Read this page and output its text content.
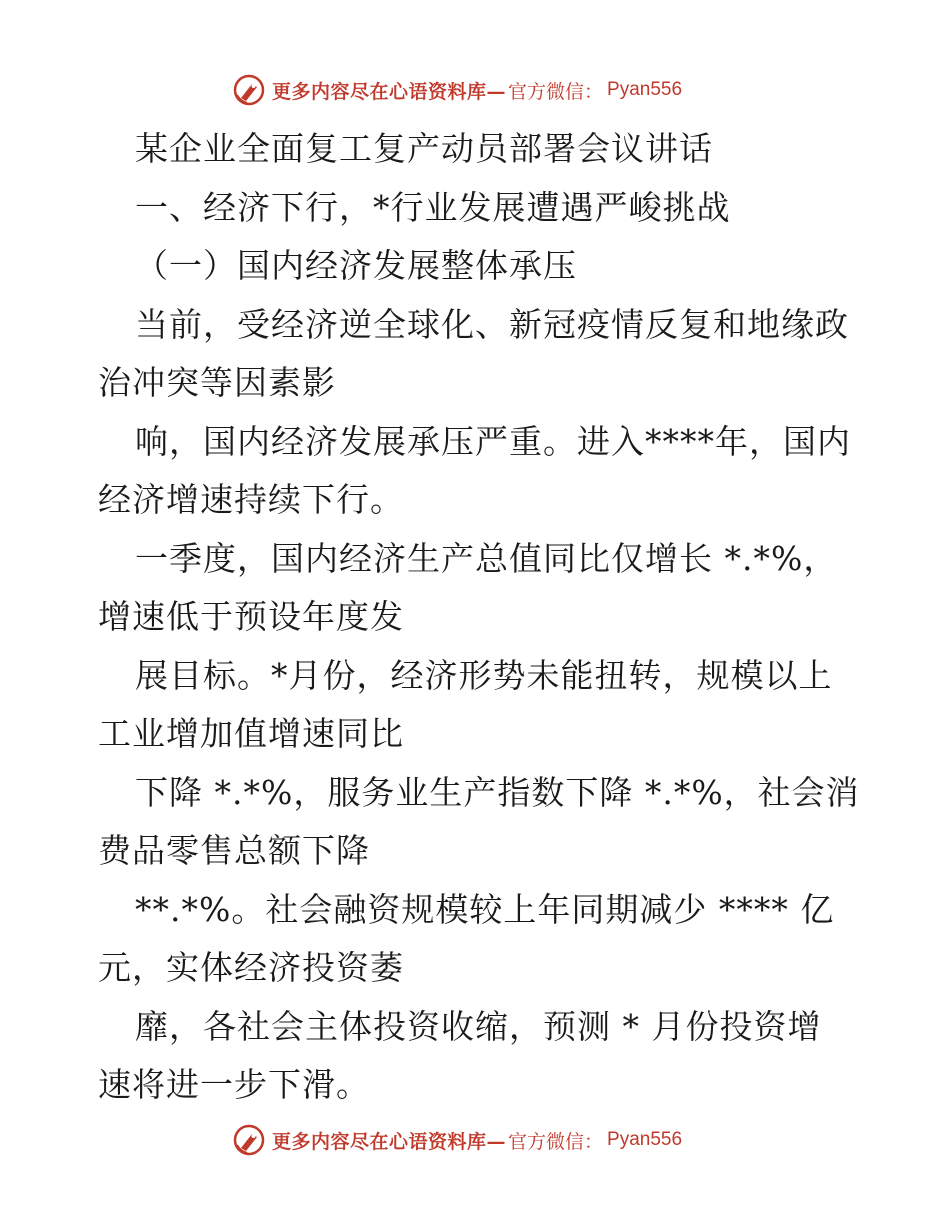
更多内容尽在心语资料库— 官方微信： Pyan556
某企业全面复工复产动员部署会议讲话
一、经济下行，*行业发展遭遇严峻挑战
（一）国内经济发展整体承压
当前，受经济逆全球化、新冠疫情反复和地缘政
治冲突等因素影
响，国内经济发展承压严重。进入****年，国内
经济增速持续下行。
一季度，国内经济生产总值同比仅增长 *.*%，
增速低于预设年度发
展目标。*月份，经济形势未能扭转，规模以上
工业增加值增速同比
下降 *.*%，服务业生产指数下降 *.*%，社会消
费品零售总额下降
**.*%。社会融资规模较上年同期减少 **** 亿
元，实体经济投资萎
靡，各社会主体投资收缩，预测 * 月份投资增
速将进一步下滑。
更多内容尽在心语资料库— 官方微信： Pyan556
